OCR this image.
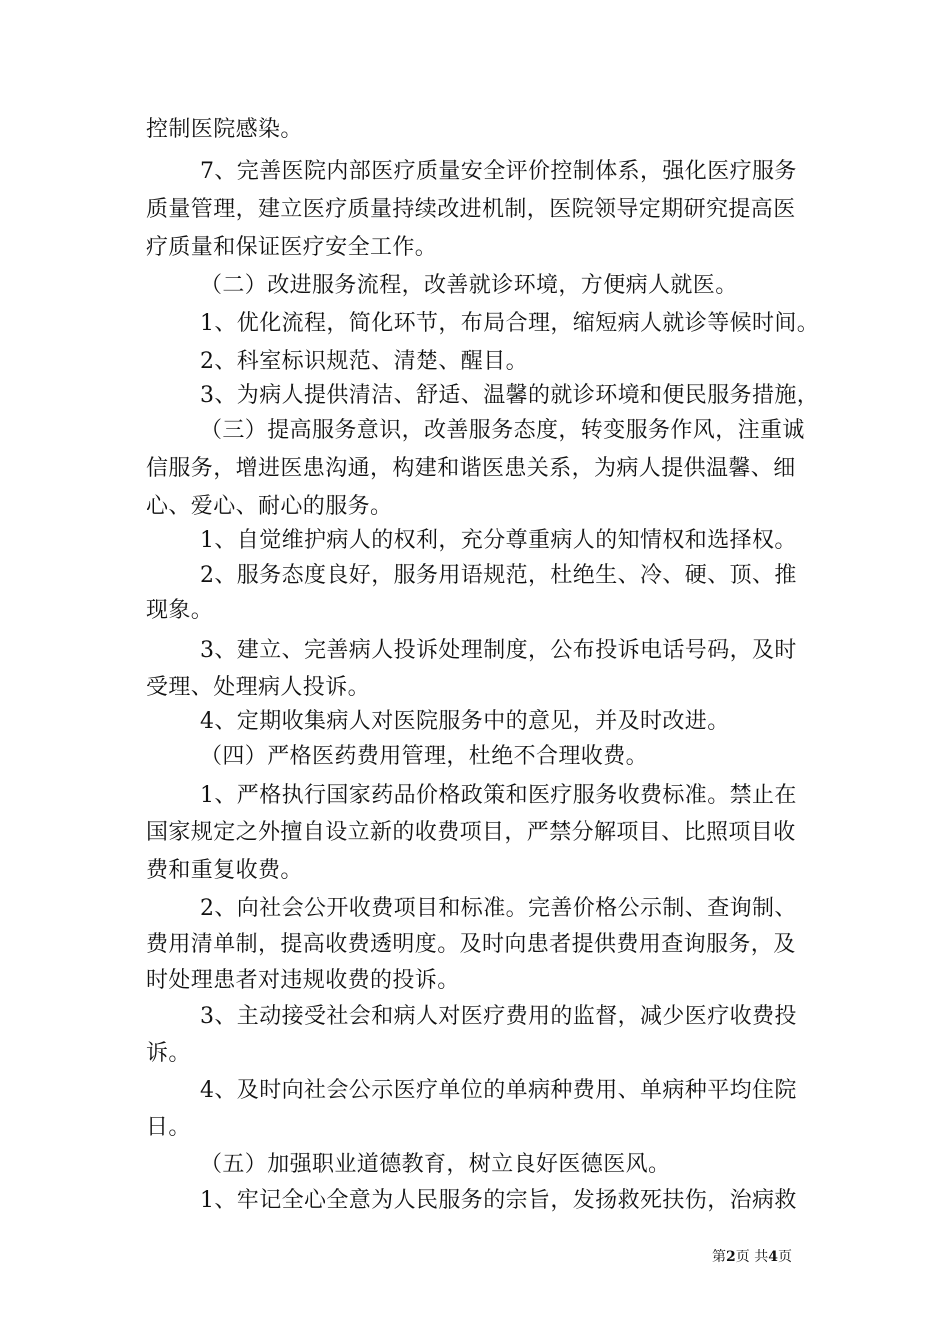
控制医院感染。
7、完善医院内部医疗质量安全评价控制体系，强化医疗服务
质量管理，建立医疗质量持续改进机制，医院领导定期研究提高医
疗质量和保证医疗安全工作。
（二）改进服务流程，改善就诊环境，方便病人就医。
1、优化流程，简化环节，布局合理，缩短病人就诊等候时间。
2、科室标识规范、清楚、醒目。
3、为病人提供清洁、舒适、温馨的就诊环境和便民服务措施，
（三）提高服务意识，改善服务态度，转变服务作风，注重诚
信服务，增进医患沟通，构建和谐医患关系，为病人提供温馨、细
心、爱心、耐心的服务。
1、自觉维护病人的权利，充分尊重病人的知情权和选择权。
2、服务态度良好，服务用语规范，杜绝生、冷、硬、顶、推
现象。
3、建立、完善病人投诉处理制度，公布投诉电话号码，及时
受理、处理病人投诉。
4、定期收集病人对医院服务中的意见，并及时改进。
（四）严格医药费用管理，杜绝不合理收费。
1、严格执行国家药品价格政策和医疗服务收费标准。禁止在
国家规定之外擅自设立新的收费项目，严禁分解项目、比照项目收
费和重复收费。
2、向社会公开收费项目和标准。完善价格公示制、查询制、
费用清单制，提高收费透明度。及时向患者提供费用查询服务，及
时处理患者对违规收费的投诉。
3、主动接受社会和病人对医疗费用的监督，减少医疗收费投
诉。
4、及时向社会公示医疗单位的单病种费用、单病种平均住院
日。
（五）加强职业道德教育，树立良好医德医风。
1、牢记全心全意为人民服务的宗旨，发扬救死扶伤，治病救
第2页 共4页
